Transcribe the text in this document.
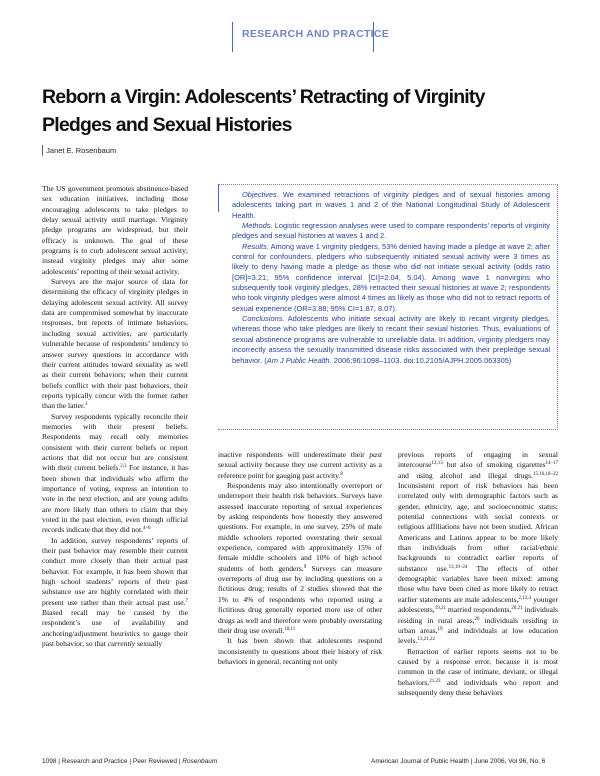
RESEARCH AND PRACTICE
Reborn a Virgin: Adolescents’ Retracting of Virginity Pledges and Sexual Histories
Janet E. Rosenbaum

The US government promotes abstinence-based sex education initiatives, including those encouraging adolescents to take pledges to delay sexual activity until marriage. Virginity pledge programs are widespread, but their efficacy is unknown. The goal of these programs is to curb adolescent sexual activity; instead virginity pledges may alter some adolescents’ reporting of their sexual activity.

Surveys are the major source of data for determining the efficacy of virginity pledges in delaying adolescent sexual activity. All survey data are compromised somewhat by inaccurate responses, but reports of intimate behaviors, including sexual activities, are particularly vulnerable because of respondents’ tendency to answer survey questions in accordance with their current attitudes toward sexuality as well as their current behaviors; when their current beliefs conflict with their past behaviors, their reports typically concur with the former rather than the latter.$^1$

Survey respondents typically reconcile their memories with their present beliefs. Respondents may recall only memories consistent with their current beliefs or report actions that did not occur but are consistent with their current beliefs.$^{2,3}$ For instance, it has been shown that individuals who affirm the importance of voting, express an intention to vote in the next election, and are young adults are more likely than others to claim that they voted in the past election, even though official records indicate that they did not.$^{4-6}$

In addition, survey respondents’ reports of their past behavior may resemble their current conduct more closely than their actual past behavior. For example, it has been shown that high school students’ reports of their past substance use are highly correlated with their present use rather than their actual past use.$^7$ Biased recall may be caused by the respondent’s use of availability and anchoring/adjustment heuristics to gauge their past behavior, so that currently sexually

Objectives. We examined retractions of virginity pledges and of sexual histories among adolescents taking part in waves 1 and 2 of the National Longitudinal Study of Adolescent Health.

Methods. Logistic regression analyses were used to compare respondents’ reports of virginity pledges and sexual histories at waves 1 and 2.

Results. Among wave 1 virginity pledgers, 53% denied having made a pledge at wave 2; after control for confounders, pledgers who subsequently initiated sexual activity were 3 times as likely to deny having made a pledge as those who did not initiate sexual activity (odds ratio [OR]=3.21; 95% confidence interval [CI]=2.04, 5.04). Among wave 1 nonvirgins who subsequently took virginity pledges, 28% retracted their sexual histories at wave 2; respondents who took virginity pledges were almost 4 times as likely as those who did not to retract reports of sexual experience (OR=3.88; 95% CI=1.87, 8.07).

Conclusions. Adolescents who initiate sexual activity are likely to recant virginity pledges, whereas those who take pledges are likely to recant their sexual histories. Thus, evaluations of sexual abstinence programs are vulnerable to unreliable data. In addition, virginity pledgers may incorrectly assess the sexually transmitted disease risks associated with their prepledge sexual behavior. (Am J Public Health. 2006;96:1098–1103. doi:10.2105/AJPH.2005.063305)

inactive respondents will underestimate their past sexual activity because they use current activity as a reference point for gauging past activity.$^8$

Respondents may also intentionally overreport or underreport their health risk behaviors. Surveys have assessed inaccurate reporting of sexual experiences by asking respondents how honestly they answered questions. For example, in one survey, 25% of male middle schoolers reported overstating their sexual experience, compared with approximately 15% of female middle schoolers and 10% of high school students of both genders.$^9$ Surveys can measure overreports of drug use by including questions on a fictitious drug; results of 2 studies showed that the 1% to 4% of respondents who reported using a fictitious drug generally reported more use of other drugs as well and therefore were probably overstating their drug use overall.$^{10,11}$

It has been shown that adolescents respond inconsistently to questions about their history of risk behaviors in general, recanting not only

previous reports of engaging in sexual intercourse$^{12,13}$ but also of smoking cigarettes$^{14-17}$ and using alcohol and illegal drugs.$^{15,16,18-22}$ Inconsistent report of risk behaviors has been correlated only with demographic factors such as gender, ethnicity, age, and socioeconomic status; potential connections with social contexts or religious affiliations have not been studied. African Americans and Latinos appear to be more likely than individuals from other racial/ethnic backgrounds to contradict earlier reports of substance use.$^{13,19-24}$ The effects of other demographic variables have been mixed: among those who have been cited as more likely to retract earlier statements are male adolescents,$^{2,12,4}$ younger adolescents,$^{19,21}$ married respondents,$^{20,21}$ individuals residing in rural areas,$^{20}$ individuals residing in urban areas,$^{19}$ and individuals at low education levels.$^{13,21,22}$

Retraction of earlier reports seems not to be caused by a response error, because it is most common in the case of intimate, deviant, or illegal behaviors,$^{21,23}$ and individuals who report and subsequently deny these behaviors

1098 | Research and Practice | Peer Reviewed | Rosenbaum	American Journal of Public Health | June 2006, Vol 96, No. 6
